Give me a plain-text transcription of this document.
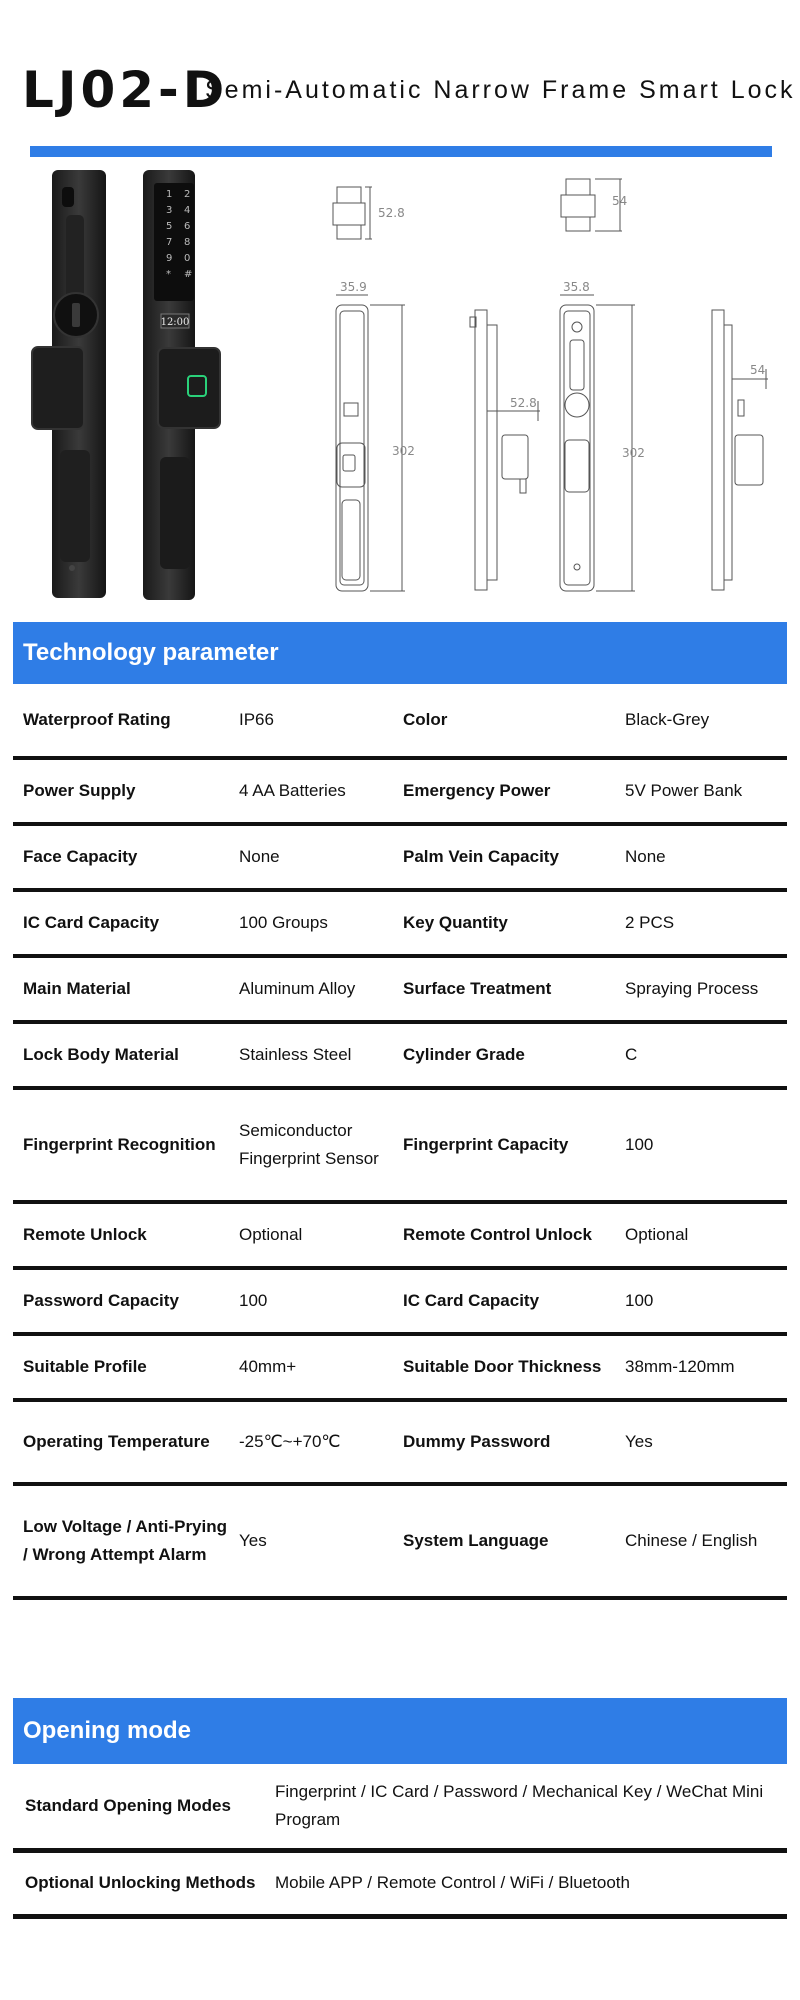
LJ02-D
Semi-Automatic Narrow Frame Smart Lock
1 2
3 4
5 6
7 8
9 0
* #
12:00
52.8
54
35.9	35.8
302	302
52.8
54
Technology parameter
Waterproof Rating	IP66	Color	Black-Grey
Power Supply	4 AA Batteries	Emergency Power	5V Power Bank
Face Capacity	None	Palm Vein Capacity	None
IC Card Capacity	100 Groups	Key Quantity	2 PCS
Main Material	Aluminum Alloy	Surface Treatment	Spraying Process
Lock Body Material	Stainless Steel	Cylinder Grade	C
Fingerprint Recognition	Semiconductor Fingerprint Sensor	Fingerprint Capacity	100
Remote Unlock	Optional	Remote Control Unlock	Optional
Password Capacity	100	IC Card Capacity	100
Suitable Profile	40mm+	Suitable Door Thickness	38mm-120mm
Operating Temperature	-25℃~+70℃	Dummy Password	Yes
Low Voltage / Anti-Prying / Wrong Attempt Alarm	Yes	System Language	Chinese / English
Opening mode
Standard Opening Modes	Fingerprint / IC Card / Password / Mechanical Key / WeChat Mini Program
Optional Unlocking Methods	Mobile APP / Remote Control / WiFi / Bluetooth
